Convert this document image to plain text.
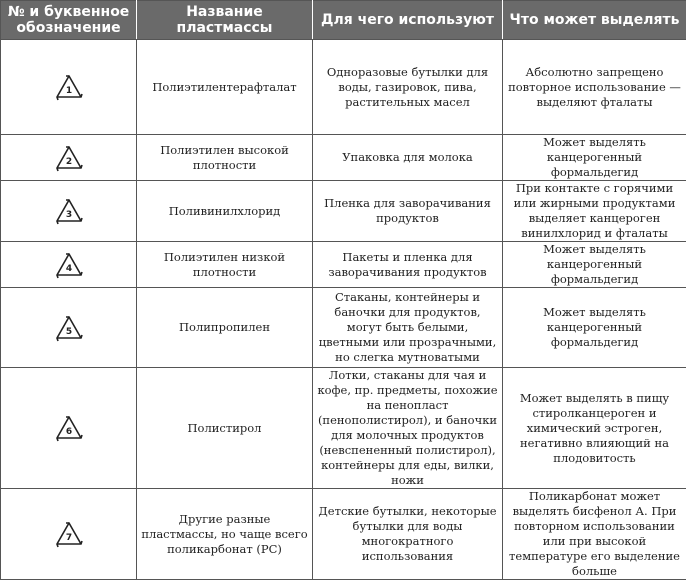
№ и буквенное обозначение	Название пластмассы	Для чего используют	Что может выделять

1	Полиэтилентерафталат	Одноразовые бутылки для воды, газировок, пива, растительных масел	Абсолютно запрещено повторное использование — выделяют фталаты

2	Полиэтилен высокой плотности	Упаковка для молока	Может выделять канцерогенный формальдегид

3	Поливинилхлорид	Пленка для заворачивания продуктов	При контакте с горячими или жирными продуктами выделяет канцероген винилхлорид и фталаты

4	Полиэтилен низкой плотности	Пакеты и пленка для заворачивания продуктов	Может выделять канцерогенный формальдегид

5	Полипропилен	Стаканы, контейнеры и баночки для продуктов, могут быть белыми, цветными или прозрачными, но слегка мутноватыми	Может выделять канцерогенный формальдегид

6	Полистирол	Лотки, стаканы для чая и кофе, пр. предметы, похожие на пенопласт (пенополистирол), и баночки для молочных продуктов (невспененный полистирол), контейнеры для еды, вилки, ножи	Может выделять в пищу стиролканцероген и химический эстроген, негативно влияющий на плодовитость

7	Другие разные пластмассы, но чаще всего поликарбонат (PC)	Детские бутылки, некоторые бутылки для воды многократного использования	Поликарбонат может выделять бисфенол А. При повторном использовании или при высокой температуре его выделение больше
